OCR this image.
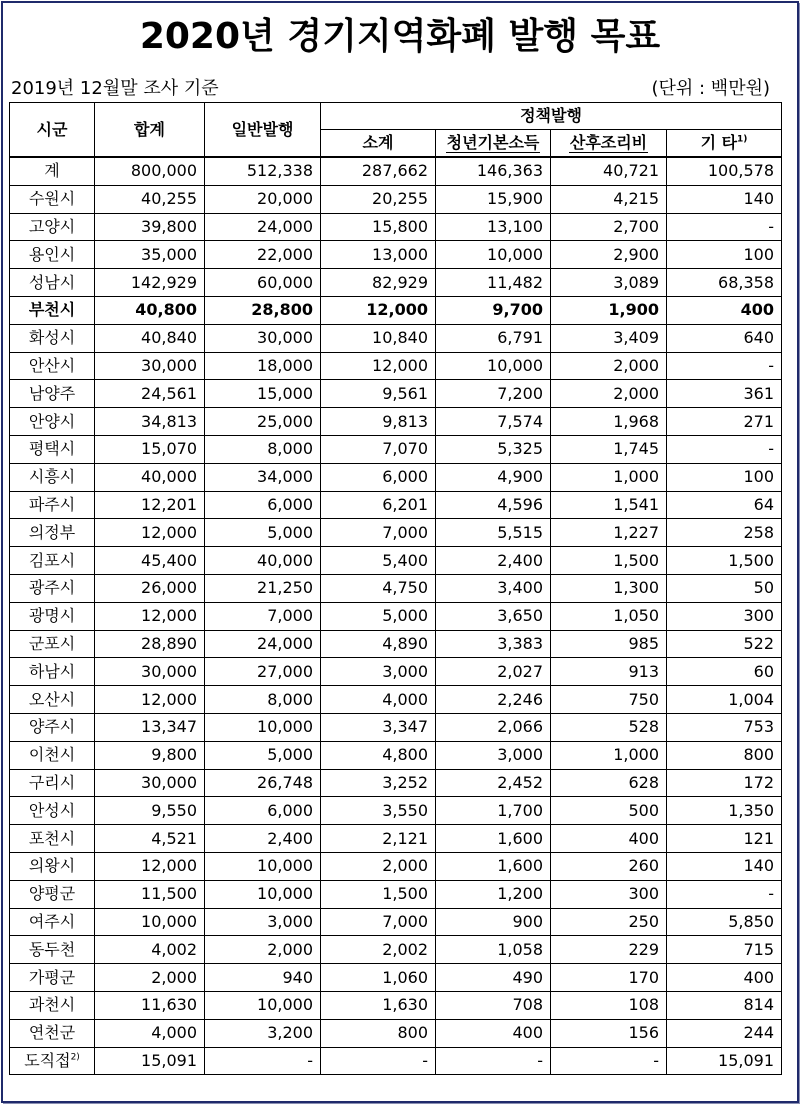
2020년 경기지역화폐 발행 목표
2019년 12월말 조사 기준	(단위 : 백만원)
시군	합계	일반발행	정책발행			
			소계	청년기본소득	산후조리비	기 타$^{1)}$
계	800,000	512,338	287,662	146,363	40,721	100,578
수원시	40,255	20,000	20,255	15,900	4,215	140
고양시	39,800	24,000	15,800	13,100	2,700	-
용인시	35,000	22,000	13,000	10,000	2,900	100
성남시	142,929	60,000	82,929	11,482	3,089	68,358
부천시	40,800	28,800	12,000	9,700	1,900	400
화성시	40,840	30,000	10,840	6,791	3,409	640
안산시	30,000	18,000	12,000	10,000	2,000	-
남양주	24,561	15,000	9,561	7,200	2,000	361
안양시	34,813	25,000	9,813	7,574	1,968	271
평택시	15,070	8,000	7,070	5,325	1,745	-
시흥시	40,000	34,000	6,000	4,900	1,000	100
파주시	12,201	6,000	6,201	4,596	1,541	64
의정부	12,000	5,000	7,000	5,515	1,227	258
김포시	45,400	40,000	5,400	2,400	1,500	1,500
광주시	26,000	21,250	4,750	3,400	1,300	50
광명시	12,000	7,000	5,000	3,650	1,050	300
군포시	28,890	24,000	4,890	3,383	985	522
하남시	30,000	27,000	3,000	2,027	913	60
오산시	12,000	8,000	4,000	2,246	750	1,004
양주시	13,347	10,000	3,347	2,066	528	753
이천시	9,800	5,000	4,800	3,000	1,000	800
구리시	30,000	26,748	3,252	2,452	628	172
안성시	9,550	6,000	3,550	1,700	500	1,350
포천시	4,521	2,400	2,121	1,600	400	121
의왕시	12,000	10,000	2,000	1,600	260	140
양평군	11,500	10,000	1,500	1,200	300	-
여주시	10,000	3,000	7,000	900	250	5,850
동두천	4,002	2,000	2,002	1,058	229	715
가평군	2,000	940	1,060	490	170	400
과천시	11,630	10,000	1,630	708	108	814
연천군	4,000	3,200	800	400	156	244
도직접$^{2)}$	15,091	-	-	-	-	15,091
